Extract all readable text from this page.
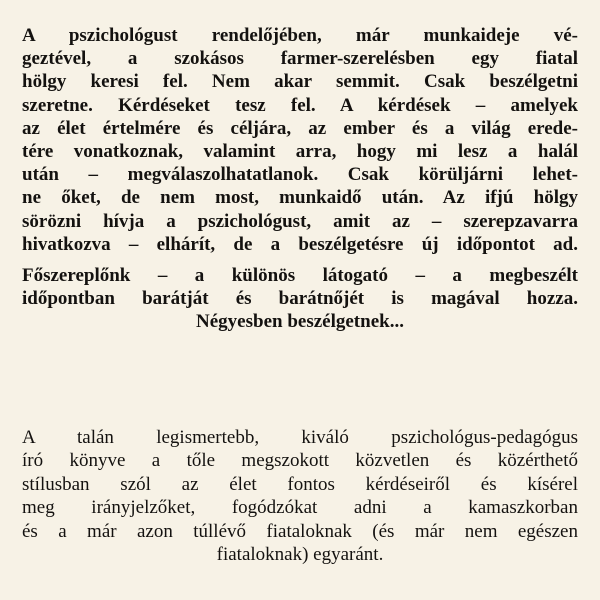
A pszichológust rendelőjében, már munkaideje vé-
geztével, a szokásos farmer-szerelésben egy fiatal
hölgy keresi fel. Nem akar semmit. Csak beszélgetni
szeretne. Kérdéseket tesz fel. A kérdések – amelyek
az élet értelmére és céljára, az ember és a világ erede-
tére vonatkoznak, valamint arra, hogy mi lesz a halál
után – megválaszolhatatlanok. Csak körüljárni lehet-
ne őket, de nem most, munkaidő után. Az ifjú hölgy
sörözni hívja a pszichológust, amit az – szerepzavarra
hivatkozva – elhárít, de a beszélgetésre új időpontot ad.
Főszereplőnk – a különös látogató – a megbeszélt
időpontban barátját és barátnőjét is magával hozza.
Négyesben beszélgetnek...
A talán legismertebb, kiváló pszichológus-pedagógus
író könyve a tőle megszokott közvetlen és közérthető
stílusban szól az élet fontos kérdéseiről és kísérel
meg irányjelzőket, fogódzókat adni a kamaszkorban
és a már azon túllévő fiataloknak (és már nem egészen
fiataloknak) egyaránt.
